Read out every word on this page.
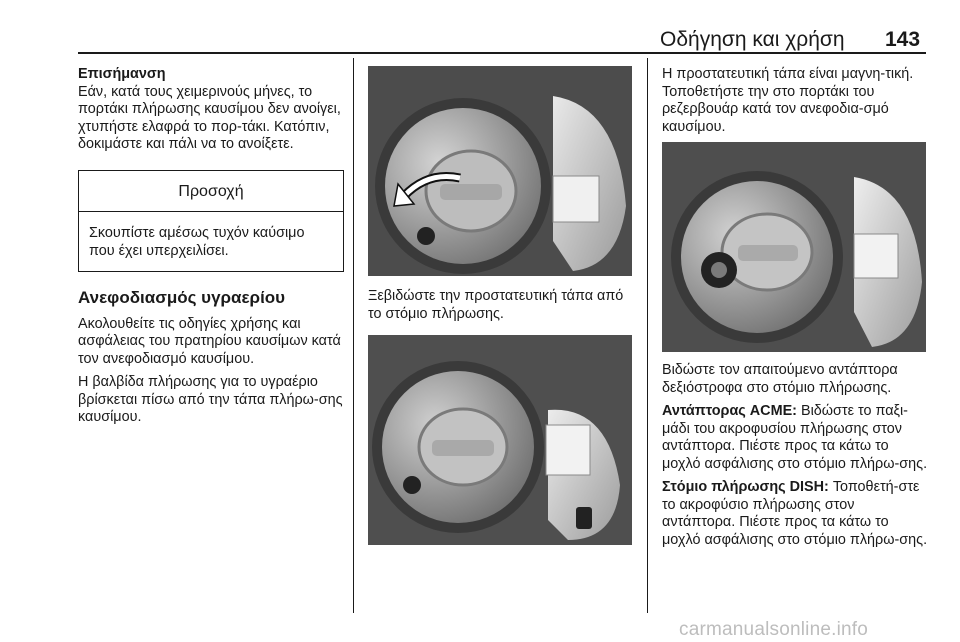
Οδήγηση και χρήση 143
Επισήμανση
Εάν, κατά τους χειμερινούς μήνες, το πορτάκι πλήρωσης καυσίμου δεν ανοίγει, χτυπήστε ελαφρά το πορ-τάκι. Κατόπιν, δοκιμάστε και πάλι να το ανοίξετε.
Προσοχή
Σκουπίστε αμέσως τυχόν καύσιμο που έχει υπερχειλίσει.
Ανεφοδιασμός υγραερίου
Ακολουθείτε τις οδηγίες χρήσης και ασφάλειας του πρατηρίου καυσίμων κατά τον ανεφοδιασμό καυσίμου.
Η βαλβίδα πλήρωσης για το υγραέριο βρίσκεται πίσω από την τάπα πλήρω-σης καυσίμου.
Ξεβιδώστε την προστατευτική τάπα από το στόμιο πλήρωσης.
Η προστατευτική τάπα είναι μαγνη-τική. Τοποθετήστε την στο πορτάκι του ρεζερβουάρ κατά τον ανεφοδια-σμό καυσίμου.
Βιδώστε τον απαιτούμενο αντάπτορα δεξιόστροφα στο στόμιο πλήρωσης.
Αντάπτορας ACME: Βιδώστε το παξι-μάδι του ακροφυσίου πλήρωσης στον αντάπτορα. Πιέστε προς τα κάτω το μοχλό ασφάλισης στο στόμιο πλήρω-σης.
Στόμιο πλήρωσης DISH: Τοποθετή-στε το ακροφύσιο πλήρωσης στον αντάπτορα. Πιέστε προς τα κάτω το μοχλό ασφάλισης στο στόμιο πλήρω-σης.
carmanualsonline.info
